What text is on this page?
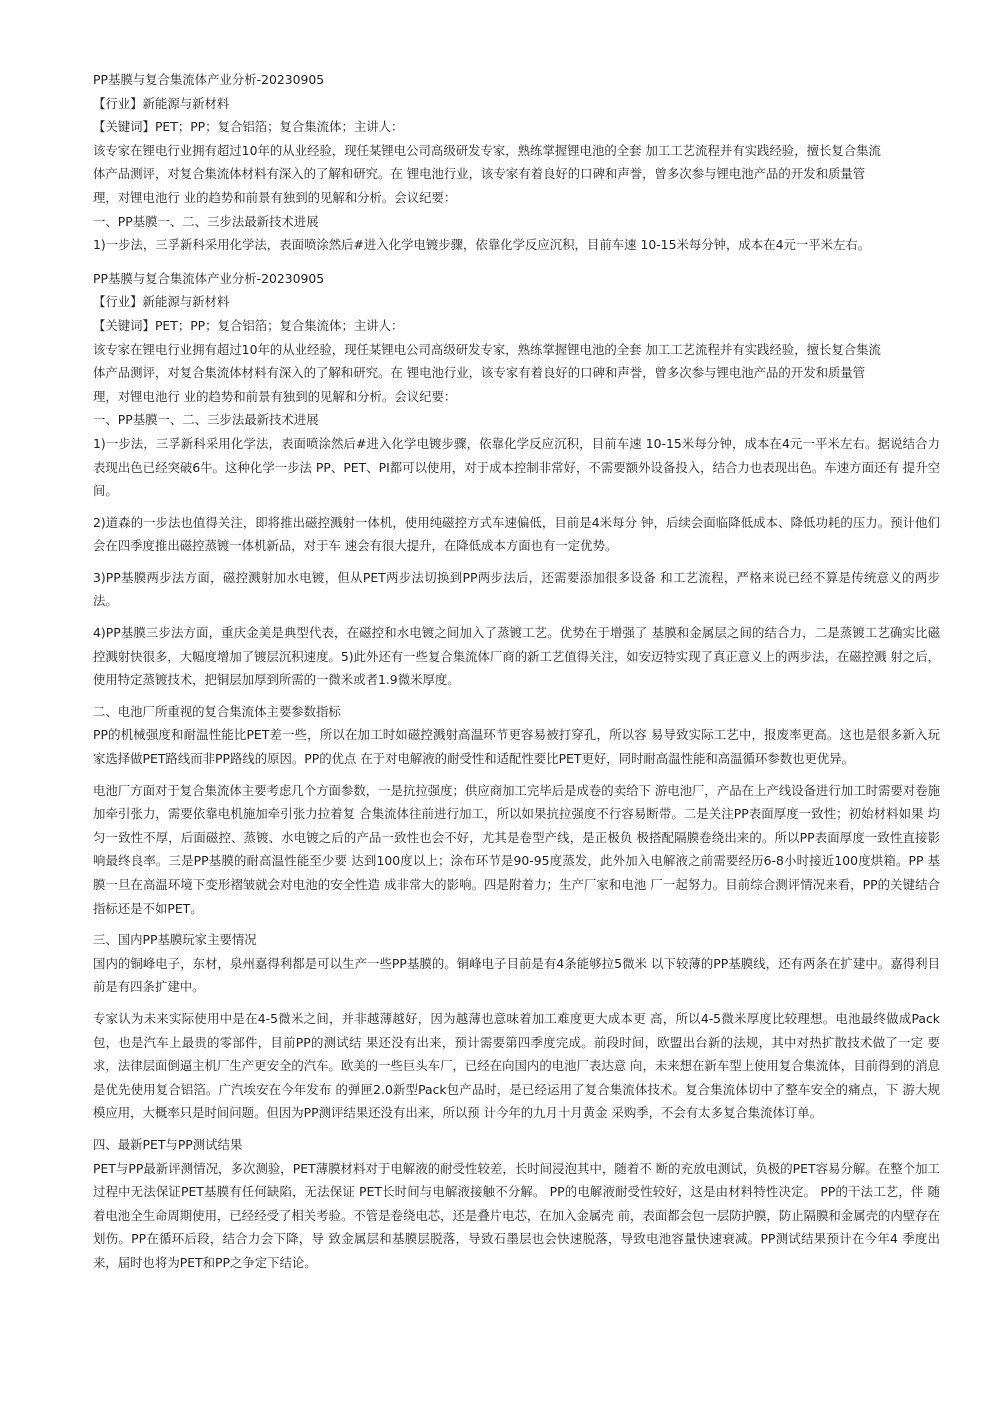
PP基膜与复合集流体产业分析-20230905

【行业】新能源与新材料

【关键词】PET；PP；复合铝箔；复合集流体；主讲人：

该专家在锂电行业拥有超过10年的从业经验，现任某锂电公司高级研发专家，熟练掌握锂电池的全套 加工工艺流程并有实践经验，擅长复合集流

体产品测评，对复合集流体材料有深入的了解和研究。在 锂电池行业，该专家有着良好的口碑和声誉，曾多次参与锂电池产品的开发和质量管

理，对锂电池行 业的趋势和前景有独到的见解和分析。会议纪要：

一、PP基膜一、二、三步法最新技术进展

1)一步法，三孚新科采用化学法，表面喷涂然后#进入化学电镀步骤，依靠化学反应沉积，目前车速 10-15米每分钟，成本在4元一平米左右。

PP基膜与复合集流体产业分析-20230905

【行业】新能源与新材料

【关键词】PET；PP；复合铝箔；复合集流体；主讲人：

该专家在锂电行业拥有超过10年的从业经验，现任某锂电公司高级研发专家，熟练掌握锂电池的全套 加工工艺流程并有实践经验，擅长复合集流

体产品测评，对复合集流体材料有深入的了解和研究。在 锂电池行业，该专家有着良好的口碑和声誉，曾多次参与锂电池产品的开发和质量管

理，对锂电池行 业的趋势和前景有独到的见解和分析。会议纪要：

一、PP基膜一、二、三步法最新技术进展

1)一步法，三孚新科采用化学法，表面喷涂然后#进入化学电镀步骤，依靠化学反应沉积，目前车速 10-15米每分钟，成本在4元一平米左右。据说结合力表现出色已经突破6牛。这种化学一步法 PP、PET、PI都可以使用，对于成本控制非常好，不需要额外设备投入，结合力也表现出色。车速方面还有 提升空间。

2)道森的一步法也值得关注，即将推出磁控溅射一体机，使用纯磁控方式车速偏低，目前是4米每分 钟，后续会面临降低成本、降低功耗的压力。预计他们会在四季度推出磁控蒸镀一体机新品，对于车 速会有很大提升，在降低成本方面也有一定优势。

3)PP基膜两步法方面，磁控溅射加水电镀，但从PET两步法切换到PP两步法后，还需要添加很多设备 和工艺流程，严格来说已经不算是传统意义的两步法。

4)PP基膜三步法方面，重庆金美是典型代表，在磁控和水电镀之间加入了蒸镀工艺。优势在于增强了 基膜和金属层之间的结合力，二是蒸镀工艺确实比磁控溅射快很多，大幅度增加了镀层沉积速度。5)此外还有一些复合集流体厂商的新工艺值得关注，如安迈特实现了真正意义上的两步法，在磁控溅 射之后，使用特定蒸镀技术，把铜层加厚到所需的一微米或者1.9微米厚度。

二、电池厂所重视的复合集流体主要参数指标

PP的机械强度和耐温性能比PET差一些，所以在加工时如磁控溅射高温环节更容易被打穿孔，所以容 易导致实际工艺中，报废率更高。这也是很多新入玩家选择做PET路线而非PP路线的原因。PP的优点 在于对电解液的耐受性和适配性要比PET更好，同时耐高温性能和高温循环参数也更优异。

电池厂方面对于复合集流体主要考虑几个方面参数，一是抗拉强度；供应商加工完毕后是成卷的卖给下 游电池厂，产品在上产线设备进行加工时需要对卷施加牵引张力，需要依靠电机施加牵引张力拉着复 合集流体往前进行加工，所以如果抗拉强度不行容易断带。二是关注PP表面厚度一致性；初始材料如果 均匀一致性不厚，后面磁控、蒸镀、水电镀之后的产品一致性也会不好，尤其是卷型产线，是正极负 极搭配隔膜卷绕出来的。所以PP表面厚度一致性直接影响最终良率。三是PP基膜的耐高温性能至少要 达到100度以上；涂布环节是90-95度蒸发，此外加入电解液之前需要经历6-8小时接近100度烘箱。PP 基膜一旦在高温环境下变形褶皱就会对电池的安全性造 成非常大的影响。四是附着力；生产厂家和电池 厂一起努力。目前综合测评情况来看，PP的关键结合指标还是不如PET。

三、国内PP基膜玩家主要情况

国内的铜峰电子，东材，泉州嘉得利都是可以生产一些PP基膜的。铜峰电子目前是有4条能够拉5微米 以下较薄的PP基膜线，还有两条在扩建中。嘉得利目前是有四条扩建中。

专家认为未来实际使用中是在4-5微米之间，并非越薄越好，因为越薄也意味着加工难度更大成本更 高，所以4-5微米厚度比较理想。电池最终做成Pack包，也是汽车上最贵的零部件，目前PP的测试结 果还没有出来，预计需要第四季度完成。前段时间，欧盟出台新的法规，其中对热扩散技术做了一定 要求，法律层面倒逼主机厂生产更安全的汽车。欧美的一些巨头车厂，已经在向国内的电池厂表达意 向，未来想在新车型上使用复合集流体，目前得到的消息是优先使用复合铝箔。广汽埃安在今年发布 的弹匣2.0新型Pack包产品时，是已经运用了复合集流体技术。复合集流体切中了整车安全的痛点，下 游大规模应用，大概率只是时间问题。但因为PP测评结果还没有出来，所以预 计今年的九月十月黄金 采购季，不会有太多复合集流体订单。

四、最新PET与PP测试结果

PET与PP最新评测情况，多次测验，PET薄膜材料对于电解液的耐受性较差，长时间浸泡其中，随着不 断的充放电测试，负极的PET容易分解。在整个加工过程中无法保证PET基膜有任何缺陷，无法保证 PET长时间与电解液接触不分解。 PP的电解液耐受性较好，这是由材料特性决定。 PP的干法工艺，伴 随着电池全生命周期使用，已经经受了相关考验。不管是卷绕电芯，还是叠片电芯，在加入金属壳 前，表面都会包一层防护膜，防止隔膜和金属壳的内壁存在划伤。PP在循环后段，结合力会下降，导 致金属层和基膜层脱落，导致石墨层也会快速脱落，导致电池容量快速衰减。PP测试结果预计在今年4 季度出来，届时也将为PET和PP之争定下结论。
